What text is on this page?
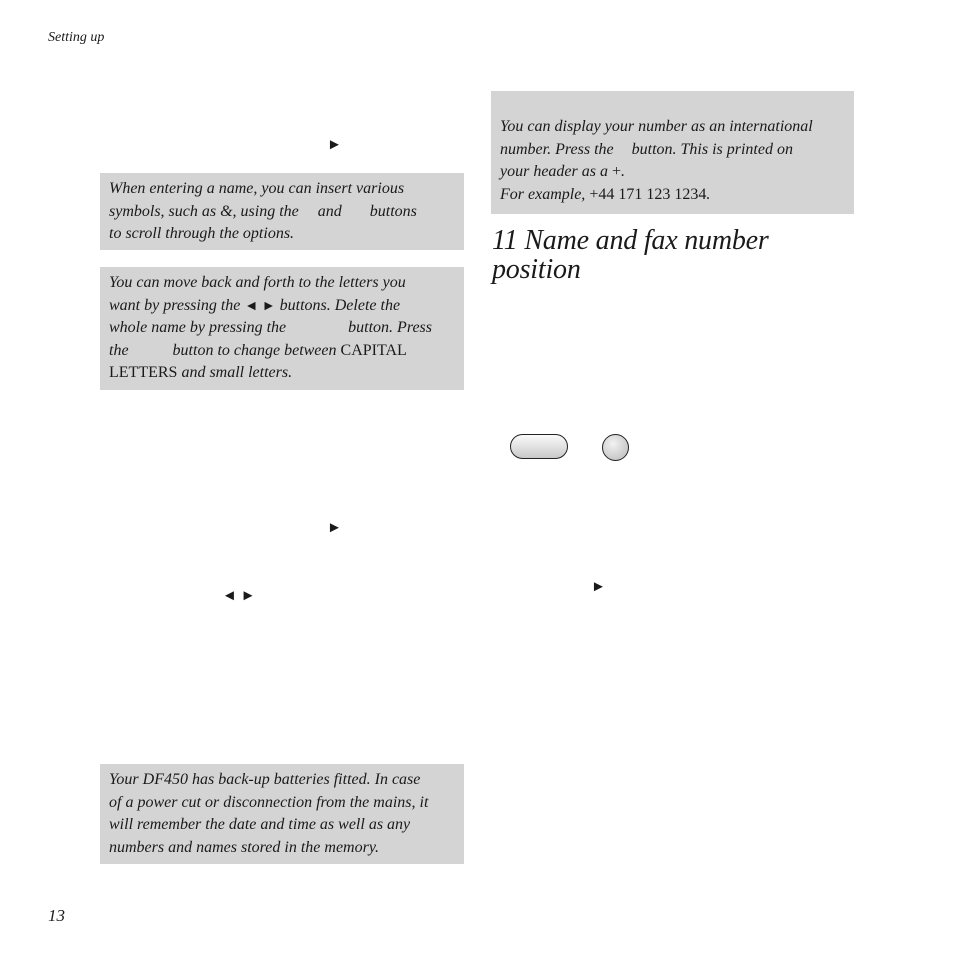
Setting up
►
When entering a name, you can insert various
symbols, such as &, using the and buttons
to scroll through the options.
You can move back and forth to the letters you
want by pressing the ◄ ► buttons. Delete the
whole name by pressing the	button. Press
the	button to change between CAPITAL
LETTERS and small letters.
►
◄ ►
Your DF450 has back-up batteries fitted. In case
of a power cut or disconnection from the mains, it
will remember the date and time as well as any
numbers and names stored in the memory.
13
You can display your number as an international
number. Press the button. This is printed on
your header as a +.
For example, +44 171 123 1234.
11 Name and fax number
position
►
